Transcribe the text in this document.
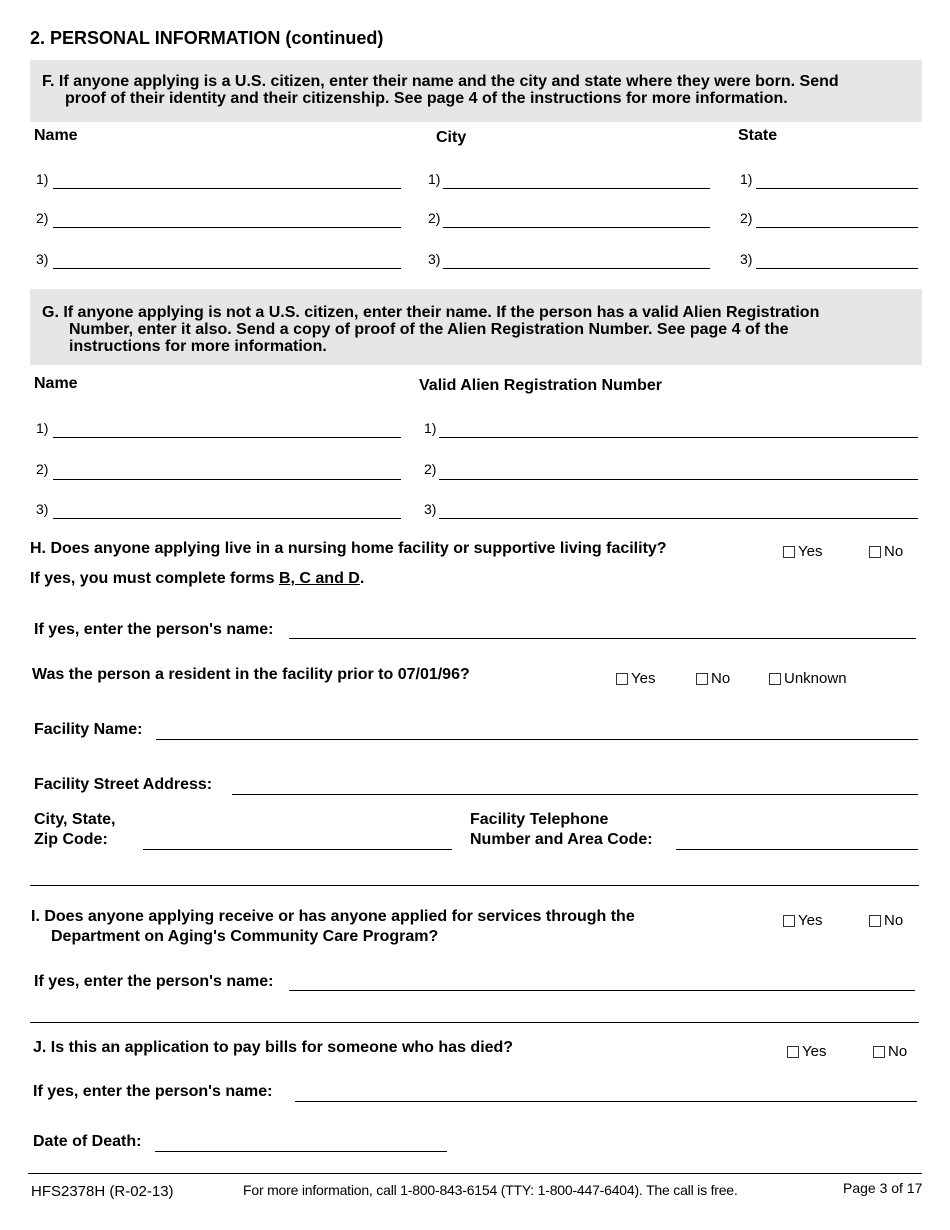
2. PERSONAL INFORMATION (continued)
F. If anyone applying is a U.S. citizen, enter their name and the city and state where they were born. Send
proof of their identity and their citizenship. See page 4 of the instructions for more information.
Name	City	State
1)	1)	1)
2)	2)	2)
3)	3)	3)
G. If anyone applying is not a U.S. citizen, enter their name. If the person has a valid Alien Registration
Number, enter it also. Send a copy of proof of the Alien Registration Number. See page 4 of the
instructions for more information.
Name	Valid Alien Registration Number
1)	1)
2)	2)
3)	3)
H. Does anyone applying live in a nursing home facility or supportive living facility?	Yes	No
If yes, you must complete forms B, C and D.
If yes, enter the person's name:
Was the person a resident in the facility prior to 07/01/96?	Yes	No	Unknown
Facility Name:
Facility Street Address:
City, State,
Zip Code:
Facility Telephone
Number and Area Code:
I. Does anyone applying receive or has anyone applied for services through the
Department on Aging's Community Care Program?
Yes	No
If yes, enter the person's name:
J. Is this an application to pay bills for someone who has died?	Yes	No
If yes, enter the person's name:
Date of Death:
HFS2378H (R-02-13)	For more information, call 1-800-843-6154 (TTY: 1-800-447-6404). The call is free.	Page 3 of 17
